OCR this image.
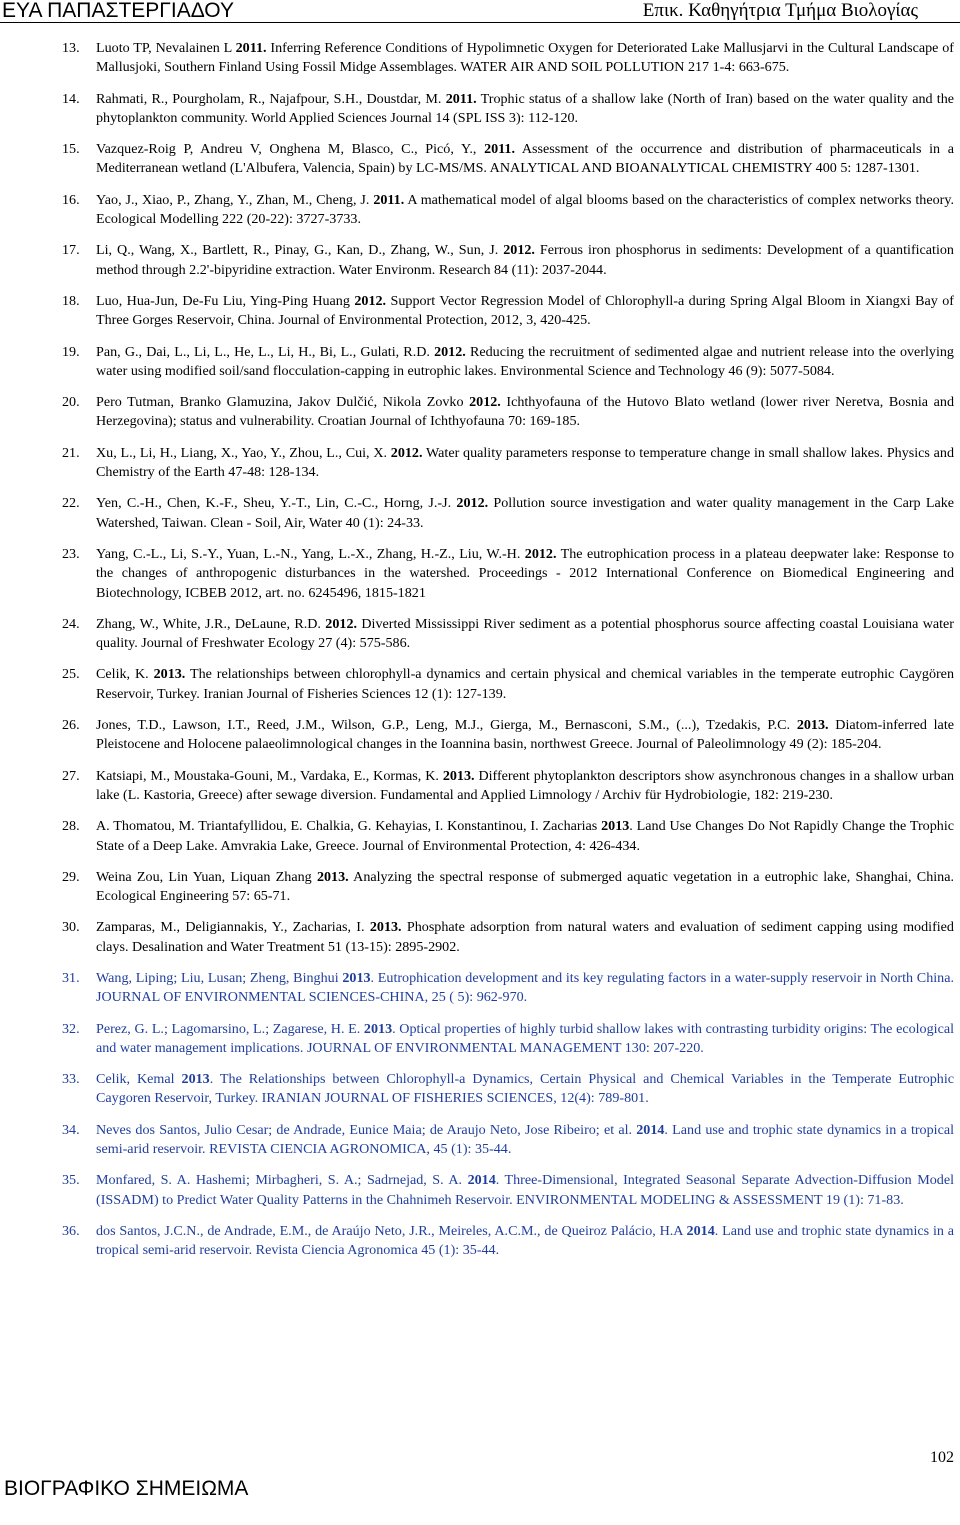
ΕΥΑ ΠΑΠΑΣΤΕΡΓΙΑΔΟΥ	Επικ. Καθηγήτρια Τμήμα Βιολογίας
13. Luoto TP, Nevalainen L 2011. Inferring Reference Conditions of Hypolimnetic Oxygen for Deteriorated Lake Mallusjarvi in the Cultural Landscape of Mallusjoki, Southern Finland Using Fossil Midge Assemblages. WATER AIR AND SOIL POLLUTION 217 1-4: 663-675.
14. Rahmati, R., Pourgholam, R., Najafpour, S.H., Doustdar, M. 2011. Trophic status of a shallow lake (North of Iran) based on the water quality and the phytoplankton community. World Applied Sciences Journal 14 (SPL ISS 3): 112-120.
15. Vazquez-Roig P, Andreu V, Onghena M, Blasco, C., Picó, Y., 2011. Assessment of the occurrence and distribution of pharmaceuticals in a Mediterranean wetland (L'Albufera, Valencia, Spain) by LC-MS/MS. ANALYTICAL AND BIOANALYTICAL CHEMISTRY 400 5: 1287-1301.
16. Yao, J., Xiao, P., Zhang, Y., Zhan, M., Cheng, J. 2011. A mathematical model of algal blooms based on the characteristics of complex networks theory. Ecological Modelling 222 (20-22): 3727-3733.
17. Li, Q., Wang, X., Bartlett, R., Pinay, G., Kan, D., Zhang, W., Sun, J. 2012. Ferrous iron phosphorus in sediments: Development of a quantification method through 2.2'-bipyridine extraction. Water Environm. Research 84 (11): 2037-2044.
18. Luo, Hua-Jun, De-Fu Liu, Ying-Ping Huang 2012. Support Vector Regression Model of Chlorophyll-a during Spring Algal Bloom in Xiangxi Bay of Three Gorges Reservoir, China. Journal of Environmental Protection, 2012, 3, 420-425.
19. Pan, G., Dai, L., Li, L., He, L., Li, H., Bi, L., Gulati, R.D. 2012. Reducing the recruitment of sedimented algae and nutrient release into the overlying water using modified soil/sand flocculation-capping in eutrophic lakes. Environmental Science and Technology 46 (9): 5077-5084.
20. Pero Tutman, Branko Glamuzina, Jakov Dulčić, Nikola Zovko 2012. Ichthyofauna of the Hutovo Blato wetland (lower river Neretva, Bosnia and Herzegovina); status and vulnerability. Croatian Journal of Ichthyofauna 70: 169-185.
21. Xu, L., Li, H., Liang, X., Yao, Y., Zhou, L., Cui, X. 2012. Water quality parameters response to temperature change in small shallow lakes. Physics and Chemistry of the Earth 47-48: 128-134.
22. Yen, C.-H., Chen, K.-F., Sheu, Y.-T., Lin, C.-C., Horng, J.-J. 2012. Pollution source investigation and water quality management in the Carp Lake Watershed, Taiwan. Clean - Soil, Air, Water 40 (1): 24-33.
23. Yang, C.-L., Li, S.-Y., Yuan, L.-N., Yang, L.-X., Zhang, H.-Z., Liu, W.-H. 2012. The eutrophication process in a plateau deepwater lake: Response to the changes of anthropogenic disturbances in the watershed. Proceedings - 2012 International Conference on Biomedical Engineering and Biotechnology, ICBEB 2012, art. no. 6245496, 1815-1821
24. Zhang, W., White, J.R., DeLaune, R.D. 2012. Diverted Mississippi River sediment as a potential phosphorus source affecting coastal Louisiana water quality. Journal of Freshwater Ecology 27 (4): 575-586.
25. Celik, K. 2013. The relationships between chlorophyll-a dynamics and certain physical and chemical variables in the temperate eutrophic Caygören Reservoir, Turkey. Iranian Journal of Fisheries Sciences 12 (1): 127-139.
26. Jones, T.D., Lawson, I.T., Reed, J.M., Wilson, G.P., Leng, M.J., Gierga, M., Bernasconi, S.M., (...), Tzedakis, P.C. 2013. Diatom-inferred late Pleistocene and Holocene palaeolimnological changes in the Ioannina basin, northwest Greece. Journal of Paleolimnology 49 (2): 185-204.
27. Katsiapi, M., Moustaka-Gouni, M., Vardaka, E., Kormas, K. 2013. Different phytoplankton descriptors show asynchronous changes in a shallow urban lake (L. Kastoria, Greece) after sewage diversion. Fundamental and Applied Limnology / Archiv für Hydrobiologie, 182: 219-230.
28. A. Thomatou, M. Triantafyllidou, E. Chalkia, G. Kehayias, I. Konstantinou, I. Zacharias 2013. Land Use Changes Do Not Rapidly Change the Trophic State of a Deep Lake. Amvrakia Lake, Greece. Journal of Environmental Protection, 4: 426-434.
29. Weina Zou, Lin Yuan, Liquan Zhang 2013. Analyzing the spectral response of submerged aquatic vegetation in a eutrophic lake, Shanghai, China. Ecological Engineering 57: 65-71.
30. Zamparas, M., Deligiannakis, Y., Zacharias, I. 2013. Phosphate adsorption from natural waters and evaluation of sediment capping using modified clays. Desalination and Water Treatment 51 (13-15): 2895-2902.
31. Wang, Liping; Liu, Lusan; Zheng, Binghui 2013. Eutrophication development and its key regulating factors in a water-supply reservoir in North China. JOURNAL OF ENVIRONMENTAL SCIENCES-CHINA, 25 ( 5): 962-970.
32. Perez, G. L.; Lagomarsino, L.; Zagarese, H. E. 2013. Optical properties of highly turbid shallow lakes with contrasting turbidity origins: The ecological and water management implications. JOURNAL OF ENVIRONMENTAL MANAGEMENT 130: 207-220.
33. Celik, Kemal 2013. The Relationships between Chlorophyll-a Dynamics, Certain Physical and Chemical Variables in the Temperate Eutrophic Caygoren Reservoir, Turkey. IRANIAN JOURNAL OF FISHERIES SCIENCES, 12(4): 789-801.
34. Neves dos Santos, Julio Cesar; de Andrade, Eunice Maia; de Araujo Neto, Jose Ribeiro; et al. 2014. Land use and trophic state dynamics in a tropical semi-arid reservoir. REVISTA CIENCIA AGRONOMICA, 45 (1): 35-44.
35. Monfared, S. A. Hashemi; Mirbagheri, S. A.; Sadrnejad, S. A. 2014. Three-Dimensional, Integrated Seasonal Separate Advection-Diffusion Model (ISSADM) to Predict Water Quality Patterns in the Chahnimeh Reservoir. ENVIRONMENTAL MODELING & ASSESSMENT 19 (1): 71-83.
36. dos Santos, J.C.N., de Andrade, E.M., de Araújo Neto, J.R., Meireles, A.C.M., de Queiroz Palácio, H.A 2014. Land use and trophic state dynamics in a tropical semi-arid reservoir. Revista Ciencia Agronomica 45 (1): 35-44.
102
ΒΙΟΓΡΑΦΙΚΟ ΣΗΜΕΙΩΜΑ
